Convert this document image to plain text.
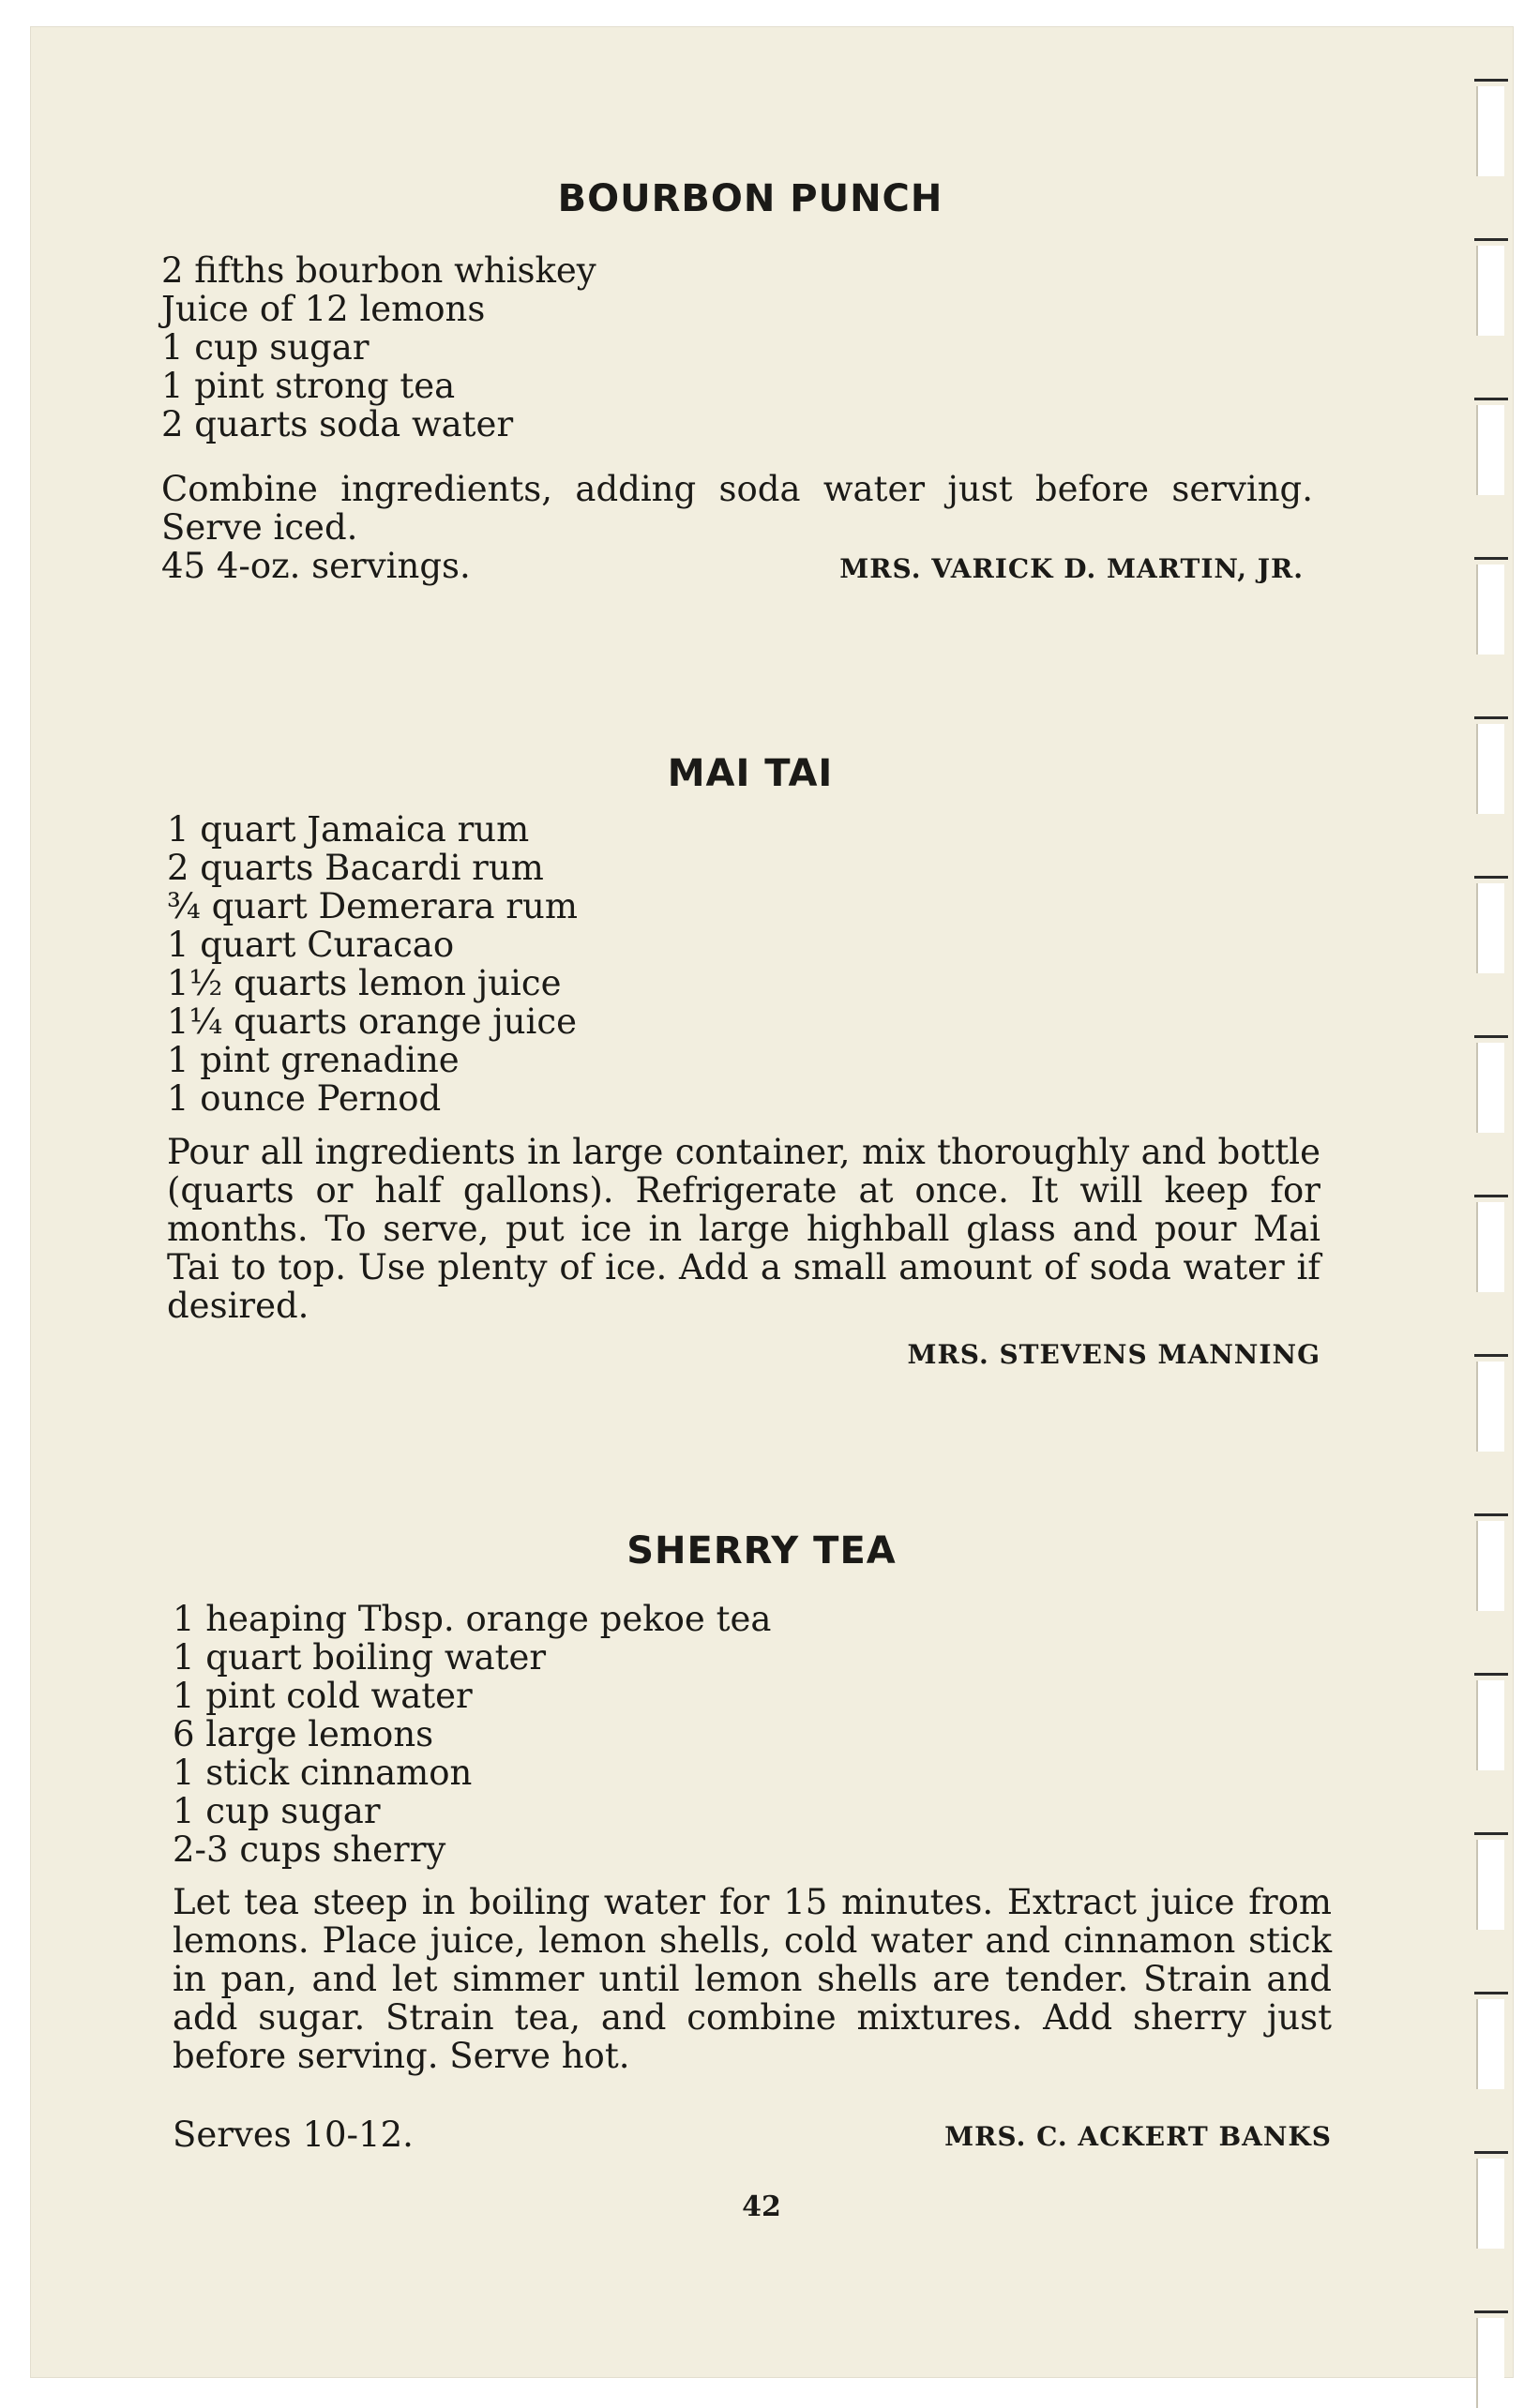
BOURBON PUNCH
2 fifths bourbon whiskey
Juice of 12 lemons
1 cup sugar
1 pint strong tea
2 quarts soda water

Combine ingredients, adding soda water just before serving. Serve iced.

45 4-oz. servings.	MRS. VARICK D. MARTIN, JR.

MAI TAI
1 quart Jamaica rum
2 quarts Bacardi rum
¾ quart Demerara rum
1 quart Curacao
1½ quarts lemon juice
1¼ quarts orange juice
1 pint grenadine
1 ounce Pernod

Pour all ingredients in large container, mix thoroughly and bottle (quarts or half gallons). Refrigerate at once. It will keep for months. To serve, put ice in large highball glass and pour Mai Tai to top. Use plenty of ice. Add a small amount of soda water if desired.

MRS. STEVENS MANNING

SHERRY TEA
1 heaping Tbsp. orange pekoe tea
1 quart boiling water
1 pint cold water
6 large lemons
1 stick cinnamon
1 cup sugar
2-3 cups sherry

Let tea steep in boiling water for 15 minutes. Extract juice from lemons. Place juice, lemon shells, cold water and cinnamon stick in pan, and let simmer until lemon shells are tender. Strain and add sugar. Strain tea, and combine mixtures. Add sherry just before serving. Serve hot.

Serves 10-12.	MRS. C. ACKERT BANKS

42
